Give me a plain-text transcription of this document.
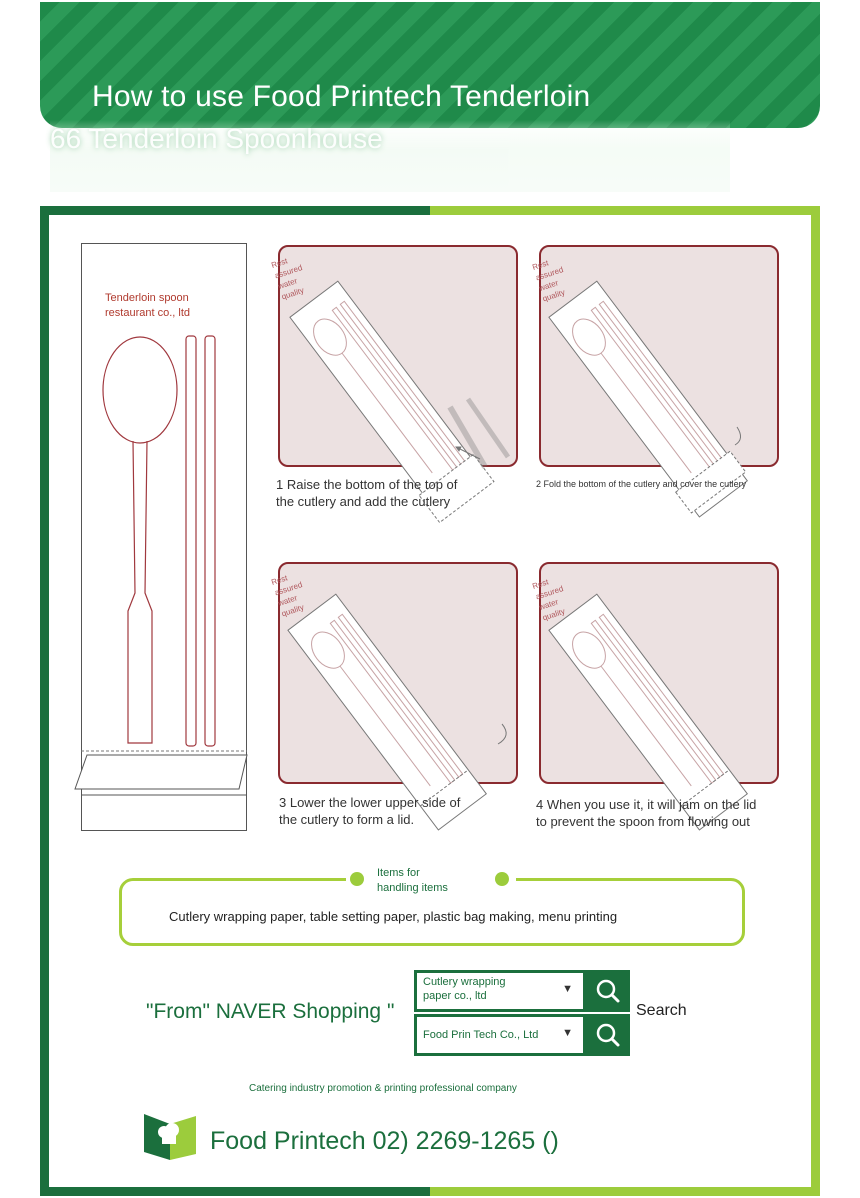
How to use Food Printech Tenderloin
66 Tenderloin Spoonhouse
Tenderloin spoon
restaurant co., ltd
Rest
assured
water
quality
1 Raise the bottom of the top of
the cutlery and add the cutlery
Rest
assured
water
quality
2 Fold the bottom of the cutlery and cover the cutlery
Rest
assured
water
quality
3 Lower the lower upper side of
the cutlery to form a lid.
Rest
assured
water
quality
4 When you use it, it will jam on the lid
to prevent the spoon from flowing out
Items for
handling items
Cutlery wrapping paper, table setting paper, plastic bag making, menu printing
"From" NAVER Shopping "
Cutlery wrapping
paper co., ltd
▼
Food Prin Tech Co., Ltd ▼
Search
Catering industry promotion & printing professional company
Food Printech 02) 2269-1265 ()
